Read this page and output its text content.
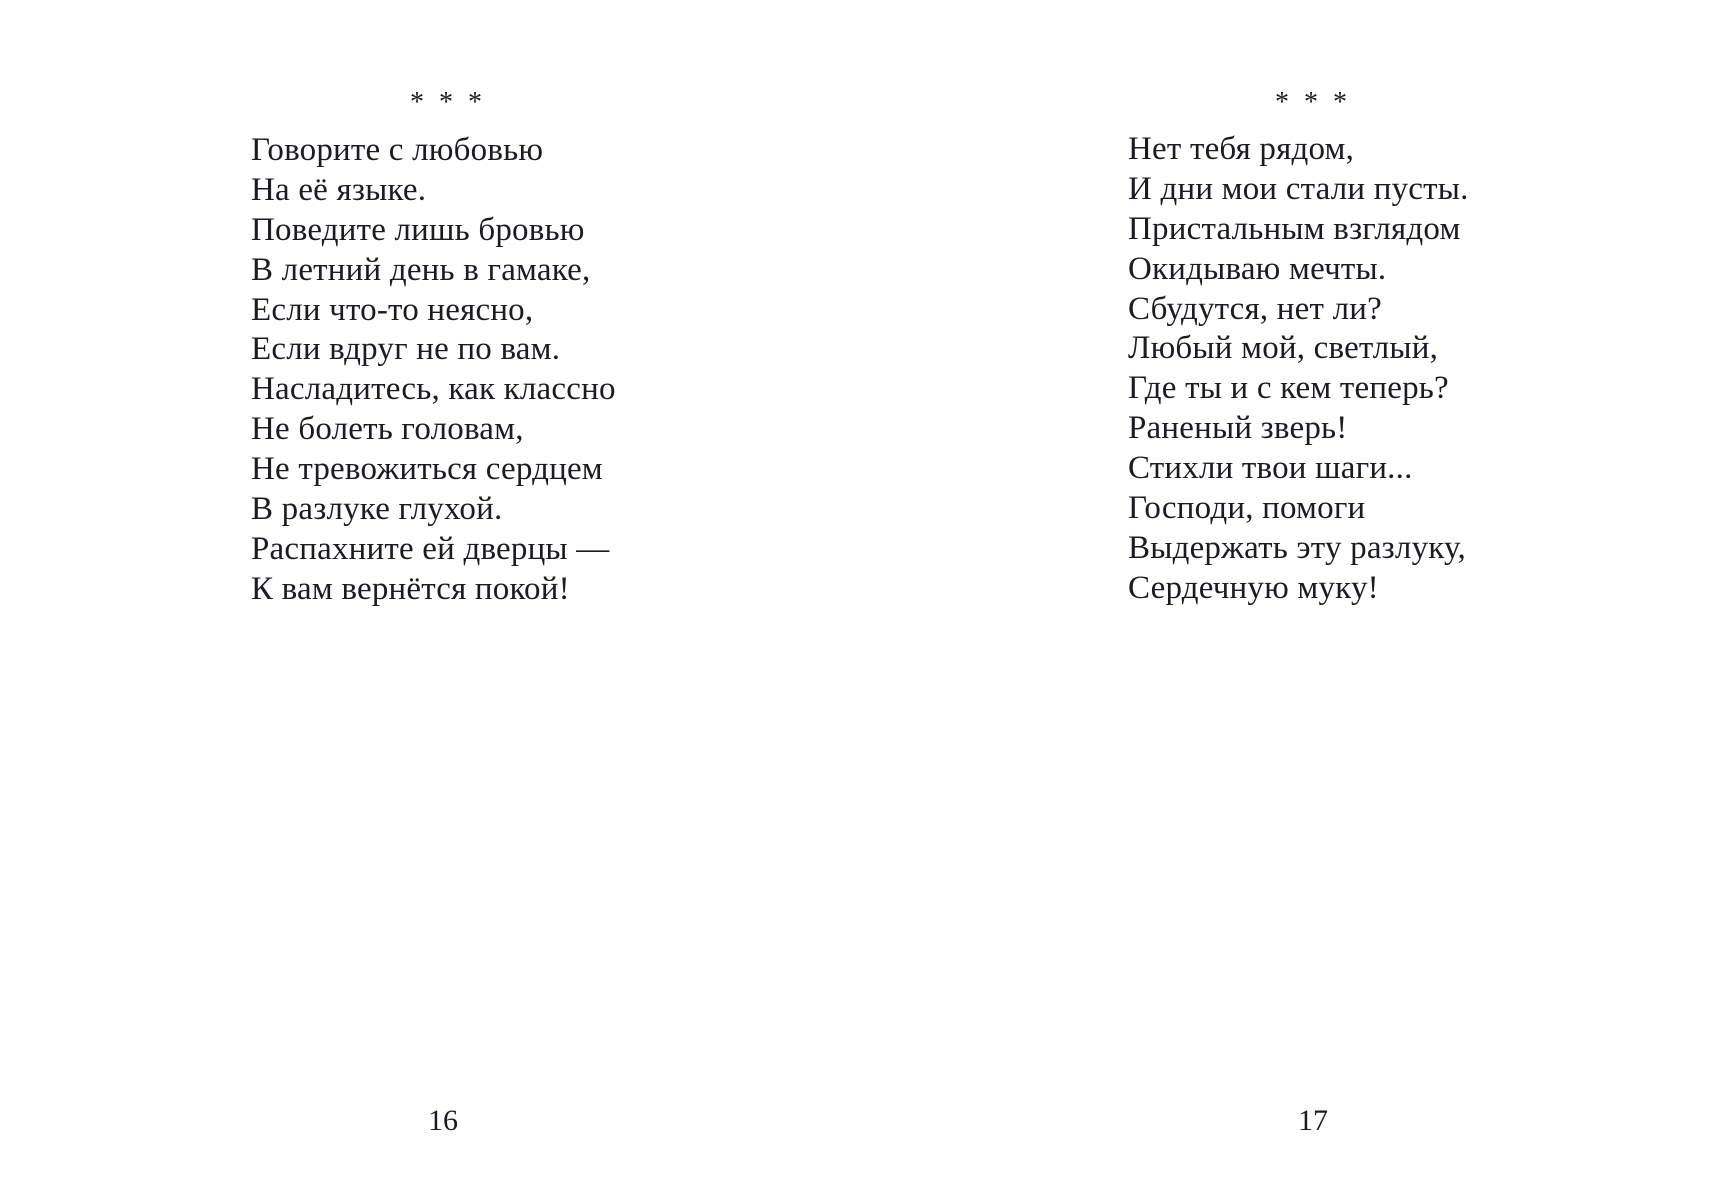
* * *
Говорите с любовью
На её языке.
Поведите лишь бровью
В летний день в гамаке,
Если что-то неясно,
Если вдруг не по вам.
Насладитесь, как классно
Не болеть головам,
Не тревожиться сердцем
В разлуке глухой.
Распахните ей дверцы —
К вам вернётся покой!
16
* * *
Нет тебя рядом,
И дни мои стали пусты.
Пристальным взглядом
Окидываю мечты.
Сбудутся, нет ли?
Любый мой, светлый,
Где ты и с кем теперь?
Раненый зверь!
Стихли твои шаги...
Господи, помоги
Выдержать эту разлуку,
Сердечную муку!
17
